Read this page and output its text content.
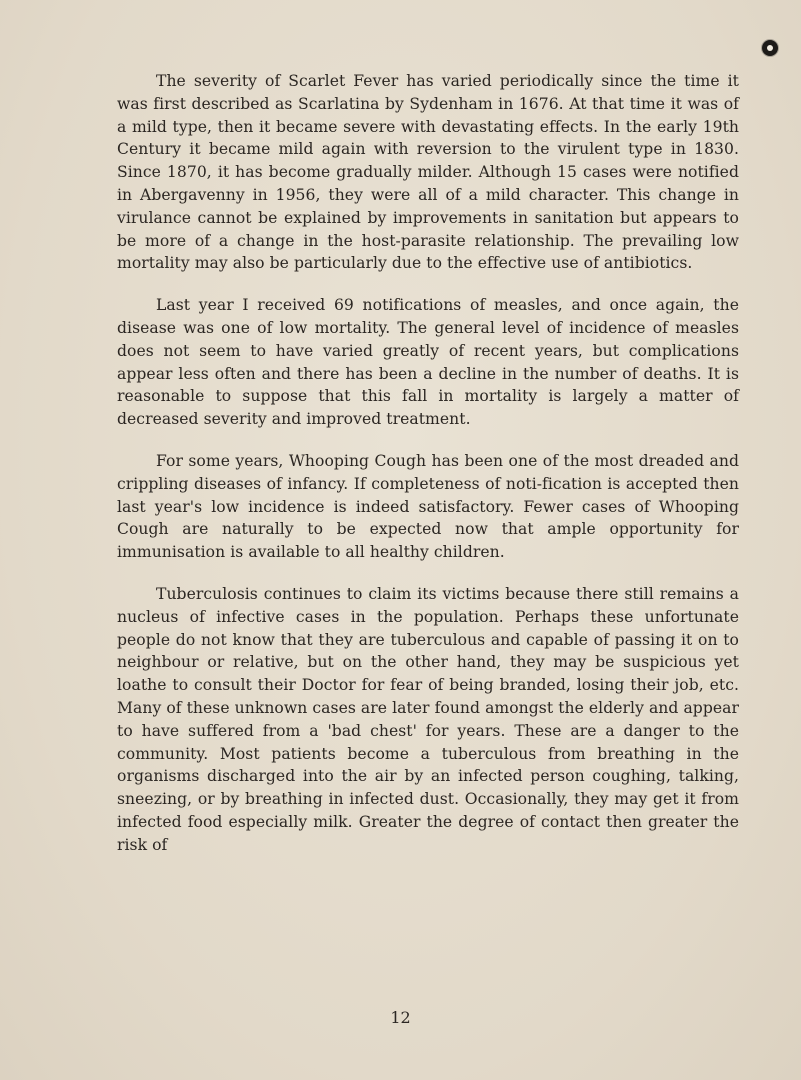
The severity of Scarlet Fever has varied periodically since the time it was first described as Scarlatina by Sydenham in 1676. At that time it was of a mild type, then it became severe with devastating effects. In the early 19th Century it became mild again with reversion to the virulent type in 1830. Since 1870, it has become gradually milder. Although 15 cases were notified in Abergavenny in 1956, they were all of a mild character. This change in virulance cannot be explained by improvements in sanitation but appears to be more of a change in the host-parasite relationship. The prevailing low mortality may also be particularly due to the effective use of antibiotics.

Last year I received 69 notifications of measles, and once again, the disease was one of low mortality. The general level of incidence of measles does not seem to have varied greatly of recent years, but complications appear less often and there has been a decline in the number of deaths. It is reasonable to suppose that this fall in mortality is largely a matter of decreased severity and improved treatment.

For some years, Whooping Cough has been one of the most dreaded and crippling diseases of infancy. If completeness of noti-fication is accepted then last year's low incidence is indeed satisfactory. Fewer cases of Whooping Cough are naturally to be expected now that ample opportunity for immunisation is available to all healthy children.

Tuberculosis continues to claim its victims because there still remains a nucleus of infective cases in the population. Perhaps these unfortunate people do not know that they are tuberculous and capable of passing it on to neighbour or relative, but on the other hand, they may be suspicious yet loathe to consult their Doctor for fear of being branded, losing their job, etc. Many of these unknown cases are later found amongst the elderly and appear to have suffered from a 'bad chest' for years. These are a danger to the community. Most patients become a tuberculous from breathing in the organisms discharged into the air by an infected person coughing, talking, sneezing, or by breathing in infected dust. Occasionally, they may get it from infected food especially milk. Greater the degree of contact then greater the risk of

12
